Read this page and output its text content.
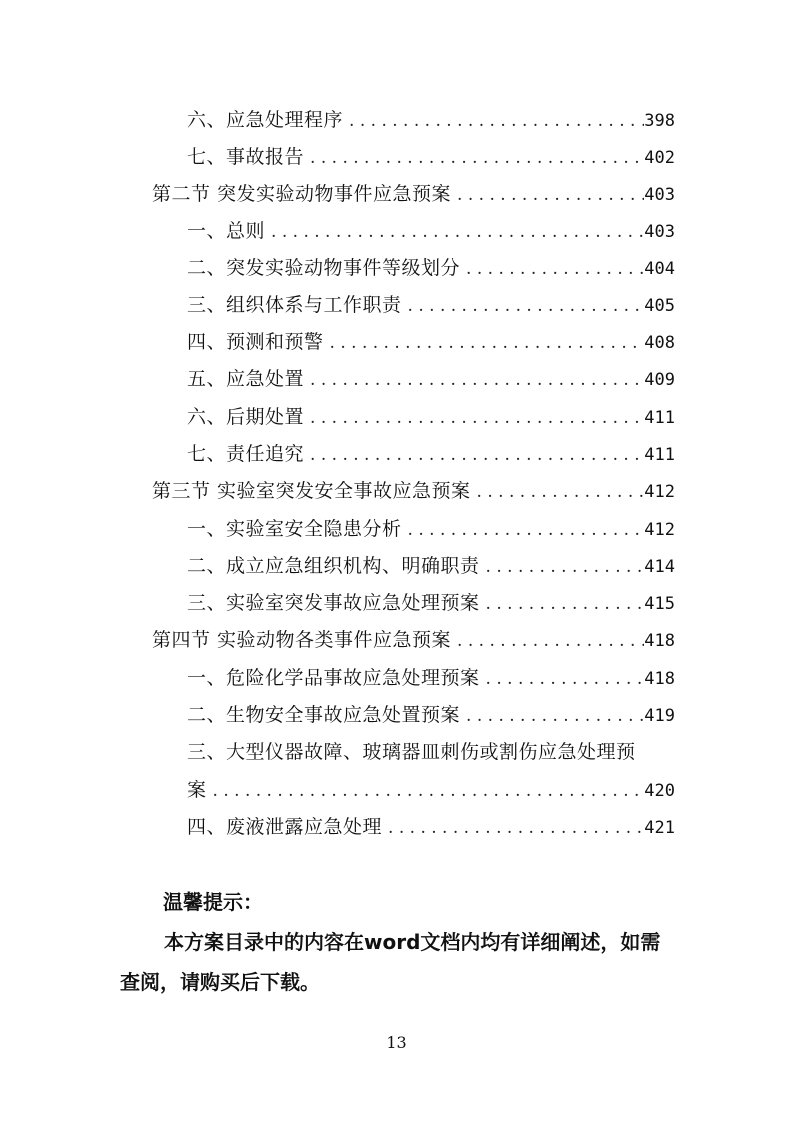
六、应急处理程序 . . .	398
七、事故报告 . . .	402
第二节 突发实验动物事件应急预案 . . .	403
一、总则 . . .	403
二、突发实验动物事件等级划分 . . .	404
三、组织体系与工作职责 . . .	405
四、预测和预警 . . .	408
五、应急处置 . . .	409
六、后期处置 . . .	411
七、责任追究 . . .	411
第三节 实验室突发安全事故应急预案 . . .	412
一、实验室安全隐患分析 . . .	412
二、成立应急组织机构、明确职责 . . .	414
三、实验室突发事故应急处理预案 . . .	415
第四节 实验动物各类事件应急预案 . . .	418
一、危险化学品事故应急处理预案 . . .	418
二、生物安全事故应急处置预案 . . .	419
三、大型仪器故障、玻璃器皿刺伤或割伤应急处理预
案 . . .	420
四、废液泄露应急处理 . . .	421
温馨提示：
本方案目录中的内容在word文档内均有详细阐述，如需查阅，请购买后下载。
13
